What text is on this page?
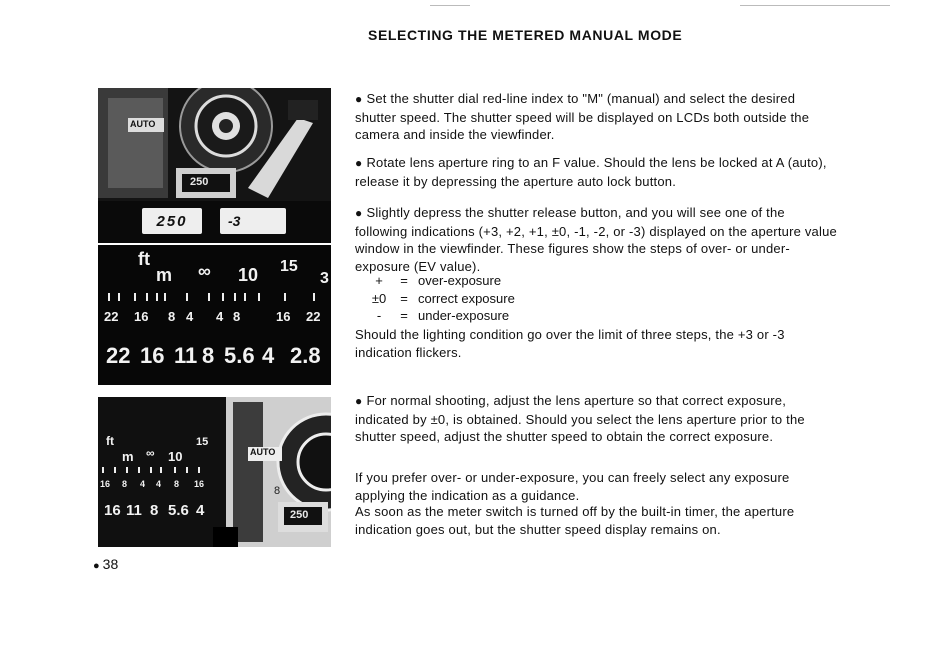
SELECTING THE METERED MANUAL MODE
AUTO
250
250	-3
ft
m ∞ 10 15
3
22 16 8 4 4 8	16 22
22 16 11 8 5.6 4 2.8
ft
m ∞ 10
15
16 8 4 4 8 16
16 11 8 5.6 4
AUTO
8
250
● Set the shutter dial red-line index to "M" (manual) and select the desired shutter speed. The shutter speed will be displayed on LCDs both outside the camera and inside the viewfinder.
● Rotate lens aperture ring to an F value. Should the lens be locked at A (auto), release it by depressing the aperture auto lock button.
● Slightly depress the shutter release button, and you will see one of the following indications (+3, +2, +1, ±0, -1, -2, or -3) displayed on the aperture value window in the viewfinder. These figures show the steps of over- or under-exposure (EV value).
+	= over-exposure
±0	= correct exposure
-	= under-exposure
Should the lighting condition go over the limit of three steps, the +3 or -3 indication flickers.
● For normal shooting, adjust the lens aperture so that correct exposure, indicated by ±0, is obtained. Should you select the lens aperture prior to the shutter speed, adjust the shutter speed to obtain the correct exposure.
If you prefer over- or under-exposure, you can freely select any exposure applying the indication as a guidance.
As soon as the meter switch is turned off by the built-in timer, the aperture indication goes out, but the shutter speed display remains on.
● 38
